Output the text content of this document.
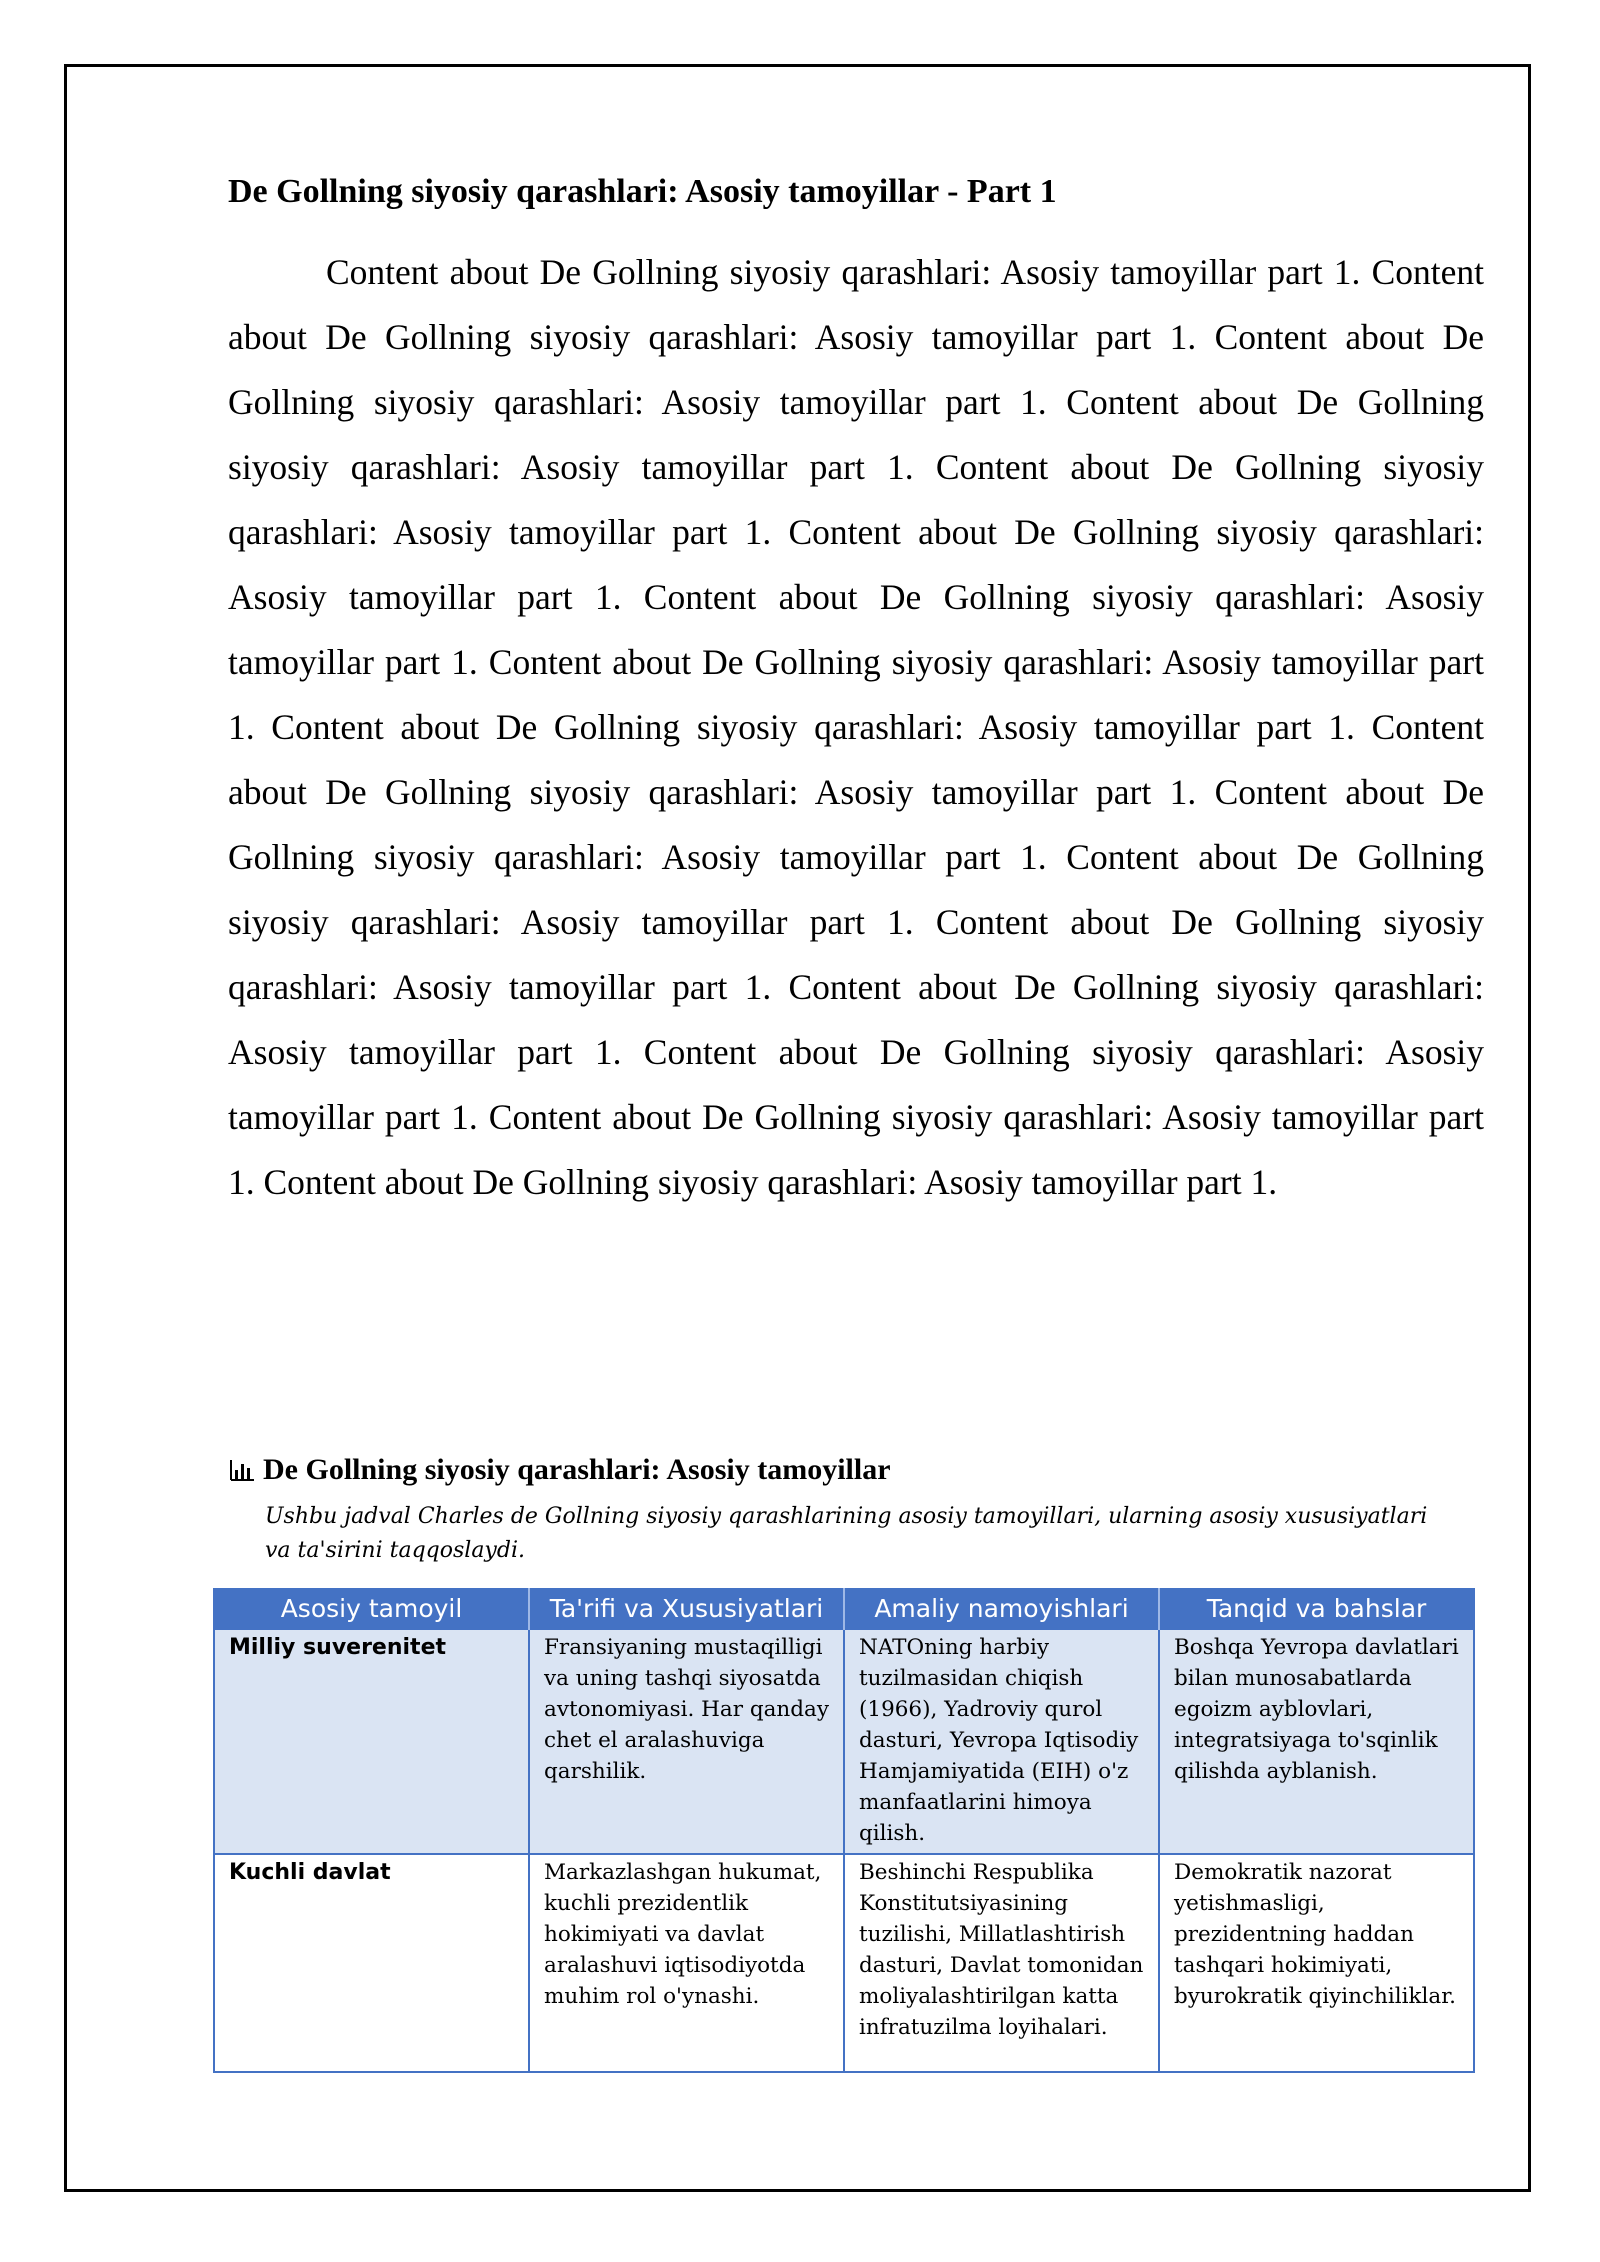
De Gollning siyosiy qarashlari: Asosiy tamoyillar - Part 1

Content about De Gollning siyosiy qarashlari: Asosiy tamoyillar part 1. Content about De Gollning siyosiy qarashlari: Asosiy tamoyillar part 1. Content about De Gollning siyosiy qarashlari: Asosiy tamoyillar part 1. Content about De Gollning siyosiy qarashlari: Asosiy tamoyillar part 1. Content about De Gollning siyosiy qarashlari: Asosiy tamoyillar part 1. Content about De Gollning siyosiy qarashlari: Asosiy tamoyillar part 1. Content about De Gollning siyosiy qarashlari: Asosiy tamoyillar part 1. Content about De Gollning siyosiy qarashlari: Asosiy tamoyillar part 1. Content about De Gollning siyosiy qarashlari: Asosiy tamoyillar part 1. Content about De Gollning siyosiy qarashlari: Asosiy tamoyillar part 1. Content about De Gollning siyosiy qarashlari: Asosiy tamoyillar part 1. Content about De Gollning siyosiy qarashlari: Asosiy tamoyillar part 1. Content about De Gollning siyosiy qarashlari: Asosiy tamoyillar part 1. Content about De Gollning siyosiy qarashlari: Asosiy tamoyillar part 1. Content about De Gollning siyosiy qarashlari: Asosiy tamoyillar part 1. Content about De Gollning siyosiy qarashlari: Asosiy tamoyillar part 1. Content about De Gollning siyosiy qarashlari: Asosiy tamoyillar part 1.

De Gollning siyosiy qarashlari: Asosiy tamoyillar
Ushbu jadval Charles de Gollning siyosiy qarashlarining asosiy tamoyillari, ularning asosiy xususiyatlari va ta'sirini taqqoslaydi.
Asosiy tamoyil	Ta'rifi va Xususiyatlari	Amaliy namoyishlari	Tanqid va bahslar
Milliy suverenitet	Fransiyaning mustaqilligi va uning tashqi siyosatda avtonomiyasi. Har qanday chet el aralashuviga qarshilik.	NATOning harbiy tuzilmasidan chiqish (1966), Yadroviy qurol dasturi, Yevropa Iqtisodiy Hamjamiyatida (EIH) o'z manfaatlarini himoya qilish.	Boshqa Yevropa davlatlari bilan munosabatlarda egoizm ayblovlari, integratsiyaga to'sqinlik qilishda ayblanish.
Kuchli davlat	Markazlashgan hukumat, kuchli prezidentlik hokimiyati va davlat aralashuvi iqtisodiyotda muhim rol o'ynashi.	Beshinchi Respublika Konstitutsiyasining tuzilishi, Millatlashtirish dasturi, Davlat tomonidan moliyalashtirilgan katta infratuzilma loyihalari.	Demokratik nazorat yetishmasligi, prezidentning haddan tashqari hokimiyati, byurokratik qiyinchiliklar.
